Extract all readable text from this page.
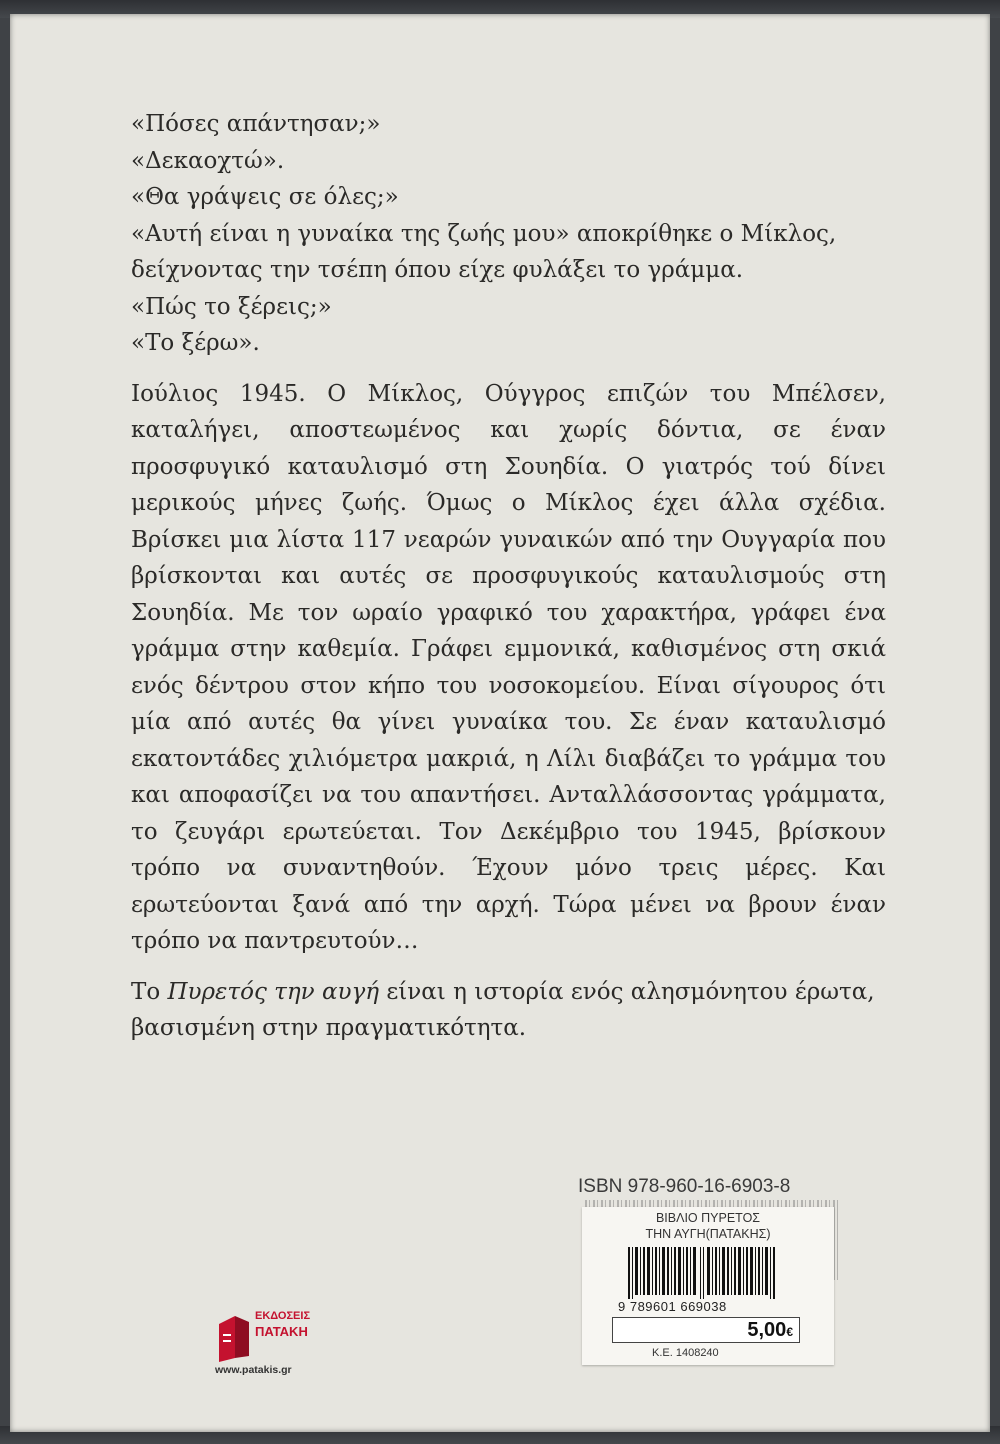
«Πόσες απάντησαν;»

«Δεκαοχτώ».

«Θα γράψεις σε όλες;»

«Αυτή είναι η γυναίκα της ζωής μου» αποκρίθηκε ο Μίκλος,

δείχνοντας την τσέπη όπου είχε φυλάξει το γράμμα.

«Πώς το ξέρεις;»

«Το ξέρω».

Ιούλιος 1945. Ο Μίκλος, Ούγγρος επιζών του Μπέλσεν, καταλήγει, αποστεωμένος και χωρίς δόντια, σε έναν προσφυγικό καταυλισμό στη Σουηδία. Ο γιατρός τού δίνει μερικούς μήνες ζωής. Όμως ο Μίκλος έχει άλλα σχέδια. Βρίσκει μια λίστα 117 νεαρών γυναικών από την Ουγγαρία που βρίσκονται και αυτές σε προσφυγικούς καταυλισμούς στη Σουηδία. Με τον ωραίο γραφικό του χαρακτήρα, γράφει ένα γράμμα στην καθεμία. Γράφει εμμονικά, καθισμένος στη σκιά ενός δέντρου στον κήπο του νοσοκομείου. Είναι σίγουρος ότι μία από αυτές θα γίνει γυναίκα του. Σε έναν καταυλισμό εκατοντάδες χιλιόμετρα μακριά, η Λίλι διαβάζει το γράμμα του και αποφασίζει να του απαντήσει. Ανταλλάσσοντας γράμματα, το ζευγάρι ερωτεύεται. Τον Δεκέμβριο του 1945, βρίσκουν τρόπο να συναντηθούν. Έχουν μόνο τρεις μέρες. Και ερωτεύονται ξανά από την αρχή. Τώρα μένει να βρουν έναν τρόπο να παντρευτούν…

Το Πυρετός την αυγή είναι η ιστορία ενός αλησμόνητου έρωτα, βασισμένη στην πραγματικότητα.

ISBN 978-960-16-6903-8
ΕΚΔΟΣΕΙΣ
ΠΑΤΑΚΗ
www.patakis.gr
ΒΙΒΛΙΟ ΠΥΡΕΤΟΣ
ΤΗΝ ΑΥΓΗ(ΠΑΤΑΚΗΣ)
9 789601 669038
5,00€
K.E. 1408240
